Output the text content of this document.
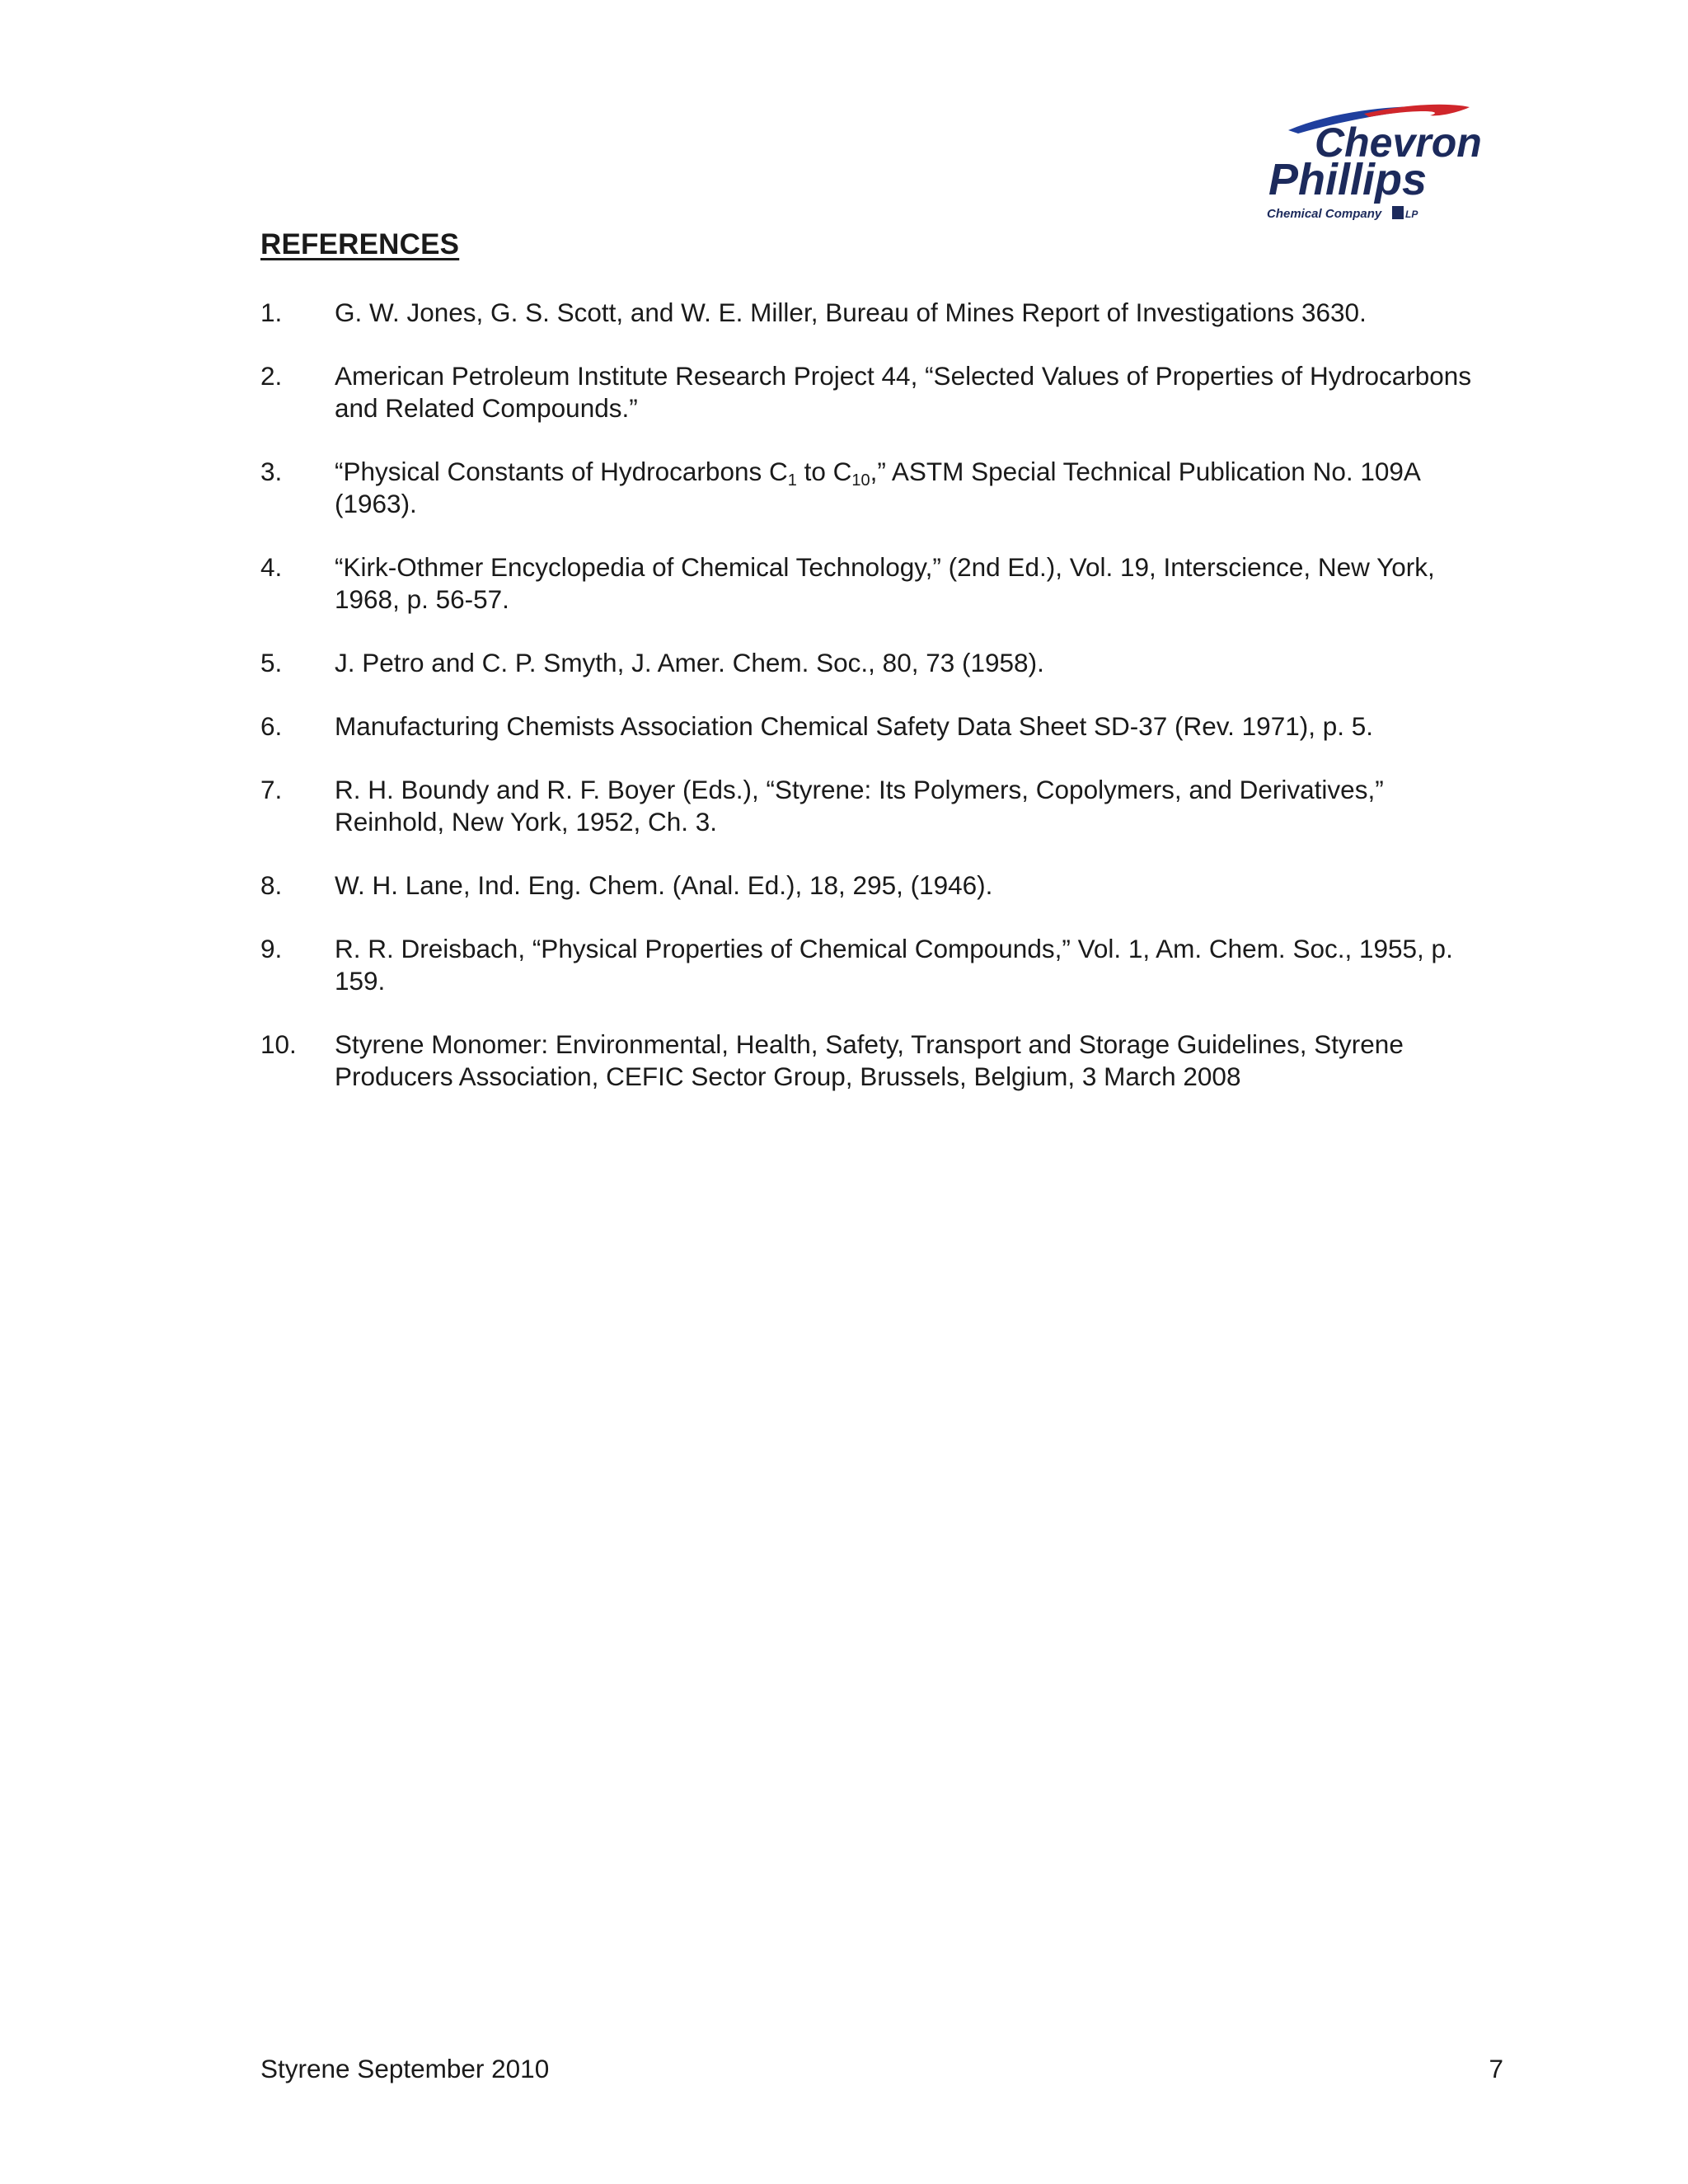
Chevron
Phillips
Chemical Company LP
REFERENCES
1.	G. W. Jones, G. S. Scott, and W. E. Miller, Bureau of Mines Report of Investigations 3630.
2.	American Petroleum Institute Research Project 44, “Selected Values of Properties of Hydrocarbons and Related Compounds.”
3.	“Physical Constants of Hydrocarbons $C_1$ to $C_{10}$,” ASTM Special Technical Publication No. 109A (1963).
4.	“Kirk-Othmer Encyclopedia of Chemical Technology,” (2nd Ed.), Vol. 19, Interscience, New York, 1968, p. 56-57.
5.	J. Petro and C. P. Smyth, J. Amer. Chem. Soc., 80, 73 (1958).
6.	Manufacturing Chemists Association Chemical Safety Data Sheet SD-37 (Rev. 1971), p. 5.
7.	R. H. Boundy and R. F. Boyer (Eds.), “Styrene: Its Polymers, Copolymers, and Derivatives,” Reinhold, New York, 1952, Ch. 3.
8.	W. H. Lane, Ind. Eng. Chem. (Anal. Ed.), 18, 295, (1946).
9.	R. R. Dreisbach, “Physical Properties of Chemical Compounds,” Vol. 1, Am. Chem. Soc., 1955, p. 159.
10.	Styrene Monomer: Environmental, Health, Safety, Transport and Storage Guidelines, Styrene Producers Association, CEFIC Sector Group, Brussels, Belgium, 3 March 2008
Styrene September 2010	7
